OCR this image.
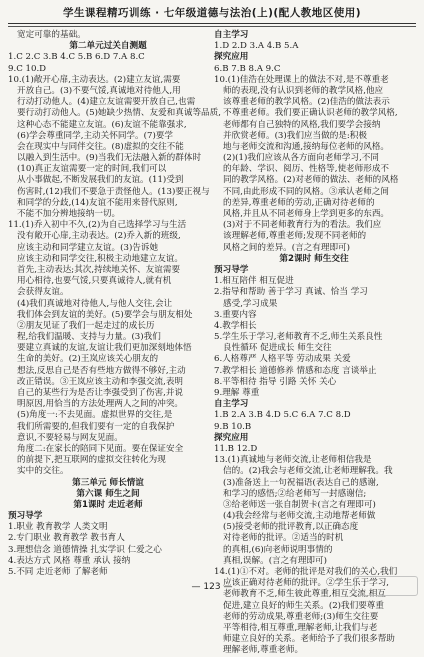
学生课程精巧训练 · 七年级道德与法治(上)(配人教地区使用)
宽定可靠的基础。
第二单元过关自测题
1.C 2.C 3.B 4.C 5.B 6.D 7.A 8.C
9.C 10.D
10.(1)敞开心扉,主动表达。(2)建立友谊,需要
开放自己。(3)不要气馁,真诚地对待他人,用
行动打动他人。(4)建立友谊需要开放自己,也需
要行动打动他人。(5)她缺少热情、友爱和真诚等品质,
这种心态不能建立友谊。(6)友谊不能靠强求,
(6)学会尊重同学,主动关怀同学。(7)要学
会在现实中与同伴交往。(8)虚拟的交往不能
以融入到生活中。(9)当我们无法融入新的群体时
(10)真正友谊需要一定的时间,我们可以
从小事做起,不断发展我们的友谊。(11)受到
伤害时,(12)我们不要急于责怪他人。(13)要正视与
和同学的分歧,(14)友谊不能用来替代原则,
不能不加分辨地接纳一切。
11.(1)乔入初中不久,(2)为自己选择学习与生活
没有敞开心扉,主动表达。(2)乔入新的班级,
应该主动和同学建立友谊。(3)告诉她
应该主动和同学交往,积极主动地建立友谊。
首先,主动表达;其次,持续地关怀、友谊需要
用心相待,也要气馁,只要真诚待人,就有机
会获得友谊。
(4)我们真诚地对待他人,与他人交往,会让
我们体会到友谊的美好。(5)要学会与朋友相处
②朋友见证了我们一起走过的成长历
程,给我们温暖、支持与力量。(3)我们
要建立真诚的友谊,友谊让我们更加深刻地体悟
生命的美好。(2)王岚应该关心朋友的
想法,反思自己是否有些地方做得不够好,主动
改正错误。③王岚应该主动和李强交流,表明
自己的某些行为是否让李强受到了伤害,并说
明原因,用恰当的方法处理两人之间的冲突。
(5)角度一:不去见面。虚拟世界的交往,是
我们所需要的,但我们要有一定的自我保护
意识,不要轻易与网友见面。
角度二:在家长的陪同下见面。要在保证安全
的前提下,把互联网的虚拟交往转化为现
实中的交往。
第三单元 师长情谊
第六课 师生之间
第1课时 走近老师
预习导学
1.职业 教育教学 人类文明
2.专门职业 教育教学 教书育人
3.理想信念 道德情操 扎实学识 仁爱之心
4.表达方式 风格 尊重 承认 接纳
5.不同 走近老师 了解老师
自主学习
1.D 2.D 3.A 4.B 5.A
探究应用
6.B 7.B 8.A 9.C
10.(1)佳浩在处理课上的做法不对,是不尊重老
师的表现,没有认识到老师的教学风格,他应
该尊重老师的教学风格。(2)佳浩的做法表示
不尊重老师。我们要正确认识老师的教学风格,
老师都有自己独特的风格,我们要学会接纳
并欣赏老师。(3)我们应当做的是:积极
地与老师交流和沟通,接纳每位老师的风格。
(2)(1)我们应该从各方面向老师学习,不同
的年龄、学识、阅历、性格等,使老师形成不
同的教学风格。(2)对老师的做法、老师的风格
不同,由此形成不同的风格。③承认老师之间
的差异,尊重老师的劳动,正确对待老师的
风格,并且从不同老师身上学到更多的东西。
(3)对于不同老师教育行为的看法。我们应
该理解老师,尊重老师;发现不同老师的
风格之间的差异。(言之有理即可)
第2课时 师生交往
预习导学
1.相互陪伴 相互促进
2.指导和帮助 善于学习 真诚、恰当 学习
感受,学习成果
3.重要内容
4.教学相长
5.学生乐于学习,老师教育不乏,师生关系良性
良性循环 促进成长 师生交往
6.人格尊严 人格平等 劳动成果 关爱
7.教学相长 道德修养 情感和态度 言谈举止
8.平等相待 指导 引路 关怀 关心
9.理解 尊重
自主学习
1.B 2.A 3.B 4.D 5.C 6.A 7.C 8.D
9.B 10.B
探究应用
11.B 12.D
13.(1)真诚地与老师交流,让老师相信我是
信的。(2)我会与老师交流,让老师理解我。我
(3)准备送上一句祝福语(表达自己的感谢,
和学习的感悟;②给老师写一封感谢信;
③给老师送一张自制贺卡(言之有理即可)
(4)我会经常与老师交流,主动地帮老师做
(5)接受老师的批评教育,以正确态度
对待老师的批评。②适当的时机
的真相,(6)向老师说明事情的
真相,误解。(言之有理即可)
14.(1)①不对。老师的批评是对我们的关心,我们
应该正确对待老师的批评。②学生乐于学习,
老师教育不乏,师生彼此尊重,相互交流,相互
促进,建立良好的师生关系。(2)我们要尊重
老师的劳动成果,尊重老师;(3)师生交往要
平等相待,相互尊重,理解老师,让我们与老
师建立良好的关系。老师给予了我们很多帮助
理解老师,尊重老师。
— 123 —
